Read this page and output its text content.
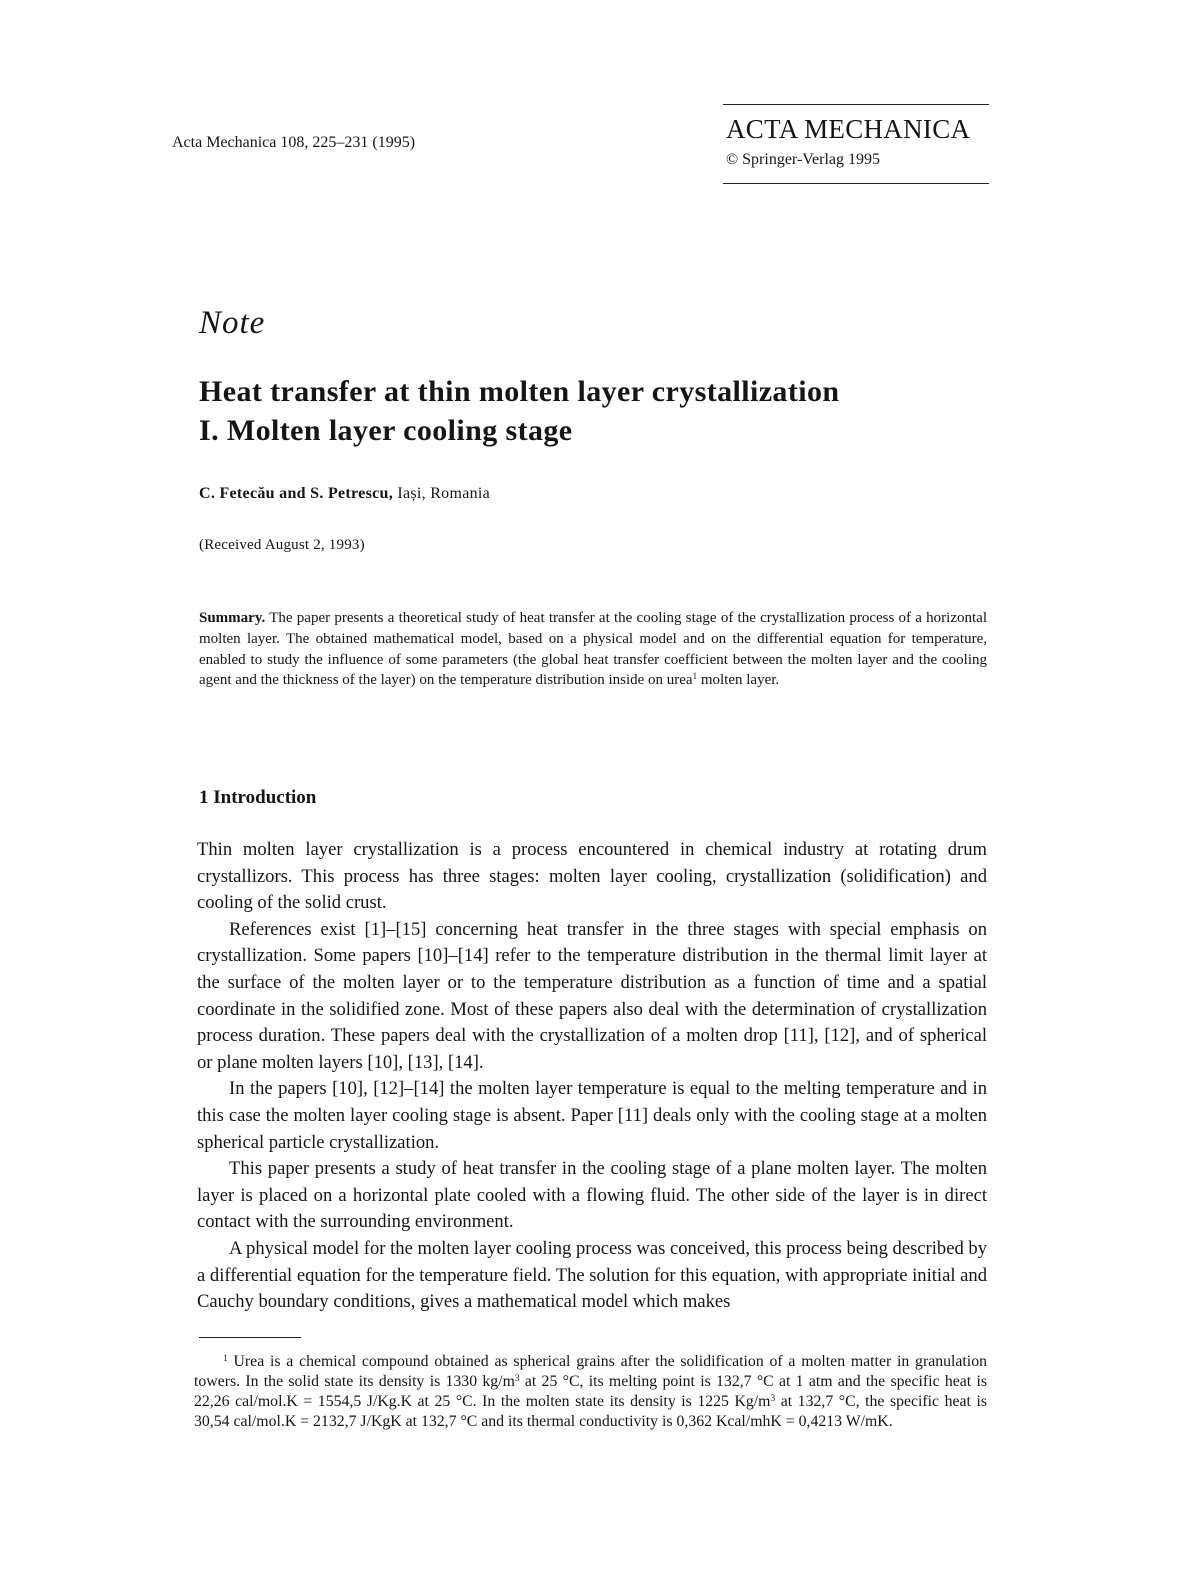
Acta Mechanica 108, 225–231 (1995)	ACTA MECHANICA
© Springer-Verlag 1995
Note
Heat transfer at thin molten layer crystallization
I. Molten layer cooling stage
C. Fetecău and S. Petrescu, Iași, Romania
(Received August 2, 1993)
Summary. The paper presents a theoretical study of heat transfer at the cooling stage of the crystallization process of a horizontal molten layer. The obtained mathematical model, based on a physical model and on the differential equation for temperature, enabled to study the influence of some parameters (the global heat transfer coefficient between the molten layer and the cooling agent and the thickness of the layer) on the temperature distribution inside on urea$^1$ molten layer.
1 Introduction

Thin molten layer crystallization is a process encountered in chemical industry at rotating drum crystallizors. This process has three stages: molten layer cooling, crystallization (solidification) and cooling of the solid crust.

References exist [1]–[15] concerning heat transfer in the three stages with special emphasis on crystallization. Some papers [10]–[14] refer to the temperature distribution in the thermal limit layer at the surface of the molten layer or to the temperature distribution as a function of time and a spatial coordinate in the solidified zone. Most of these papers also deal with the determination of crystallization process duration. These papers deal with the crystallization of a molten drop [11], [12], and of spherical or plane molten layers [10], [13], [14].

In the papers [10], [12]–[14] the molten layer temperature is equal to the melting temperature and in this case the molten layer cooling stage is absent. Paper [11] deals only with the cooling stage at a molten spherical particle crystallization.

This paper presents a study of heat transfer in the cooling stage of a plane molten layer. The molten layer is placed on a horizontal plate cooled with a flowing fluid. The other side of the layer is in direct contact with the surrounding environment.

A physical model for the molten layer cooling process was conceived, this process being described by a differential equation for the temperature field. The solution for this equation, with appropriate initial and Cauchy boundary conditions, gives a mathematical model which makes

$^1$ Urea is a chemical compound obtained as spherical grains after the solidification of a molten matter in granulation towers. In the solid state its density is 1330 $kg/m^3$ at 25 °C, its melting point is 132,7 °C at 1 atm and the specific heat is 22,26 cal/mol.K = 1554,5 J/Kg.K at 25 °C. In the molten state its density is 1225 $Kg/m^3$ at 132,7 °C, the specific heat is 30,54 cal/mol.K = 2132,7 J/KgK at 132,7 °C and its thermal conductivity is 0,362 Kcal/mhK = 0,4213 W/mK.
